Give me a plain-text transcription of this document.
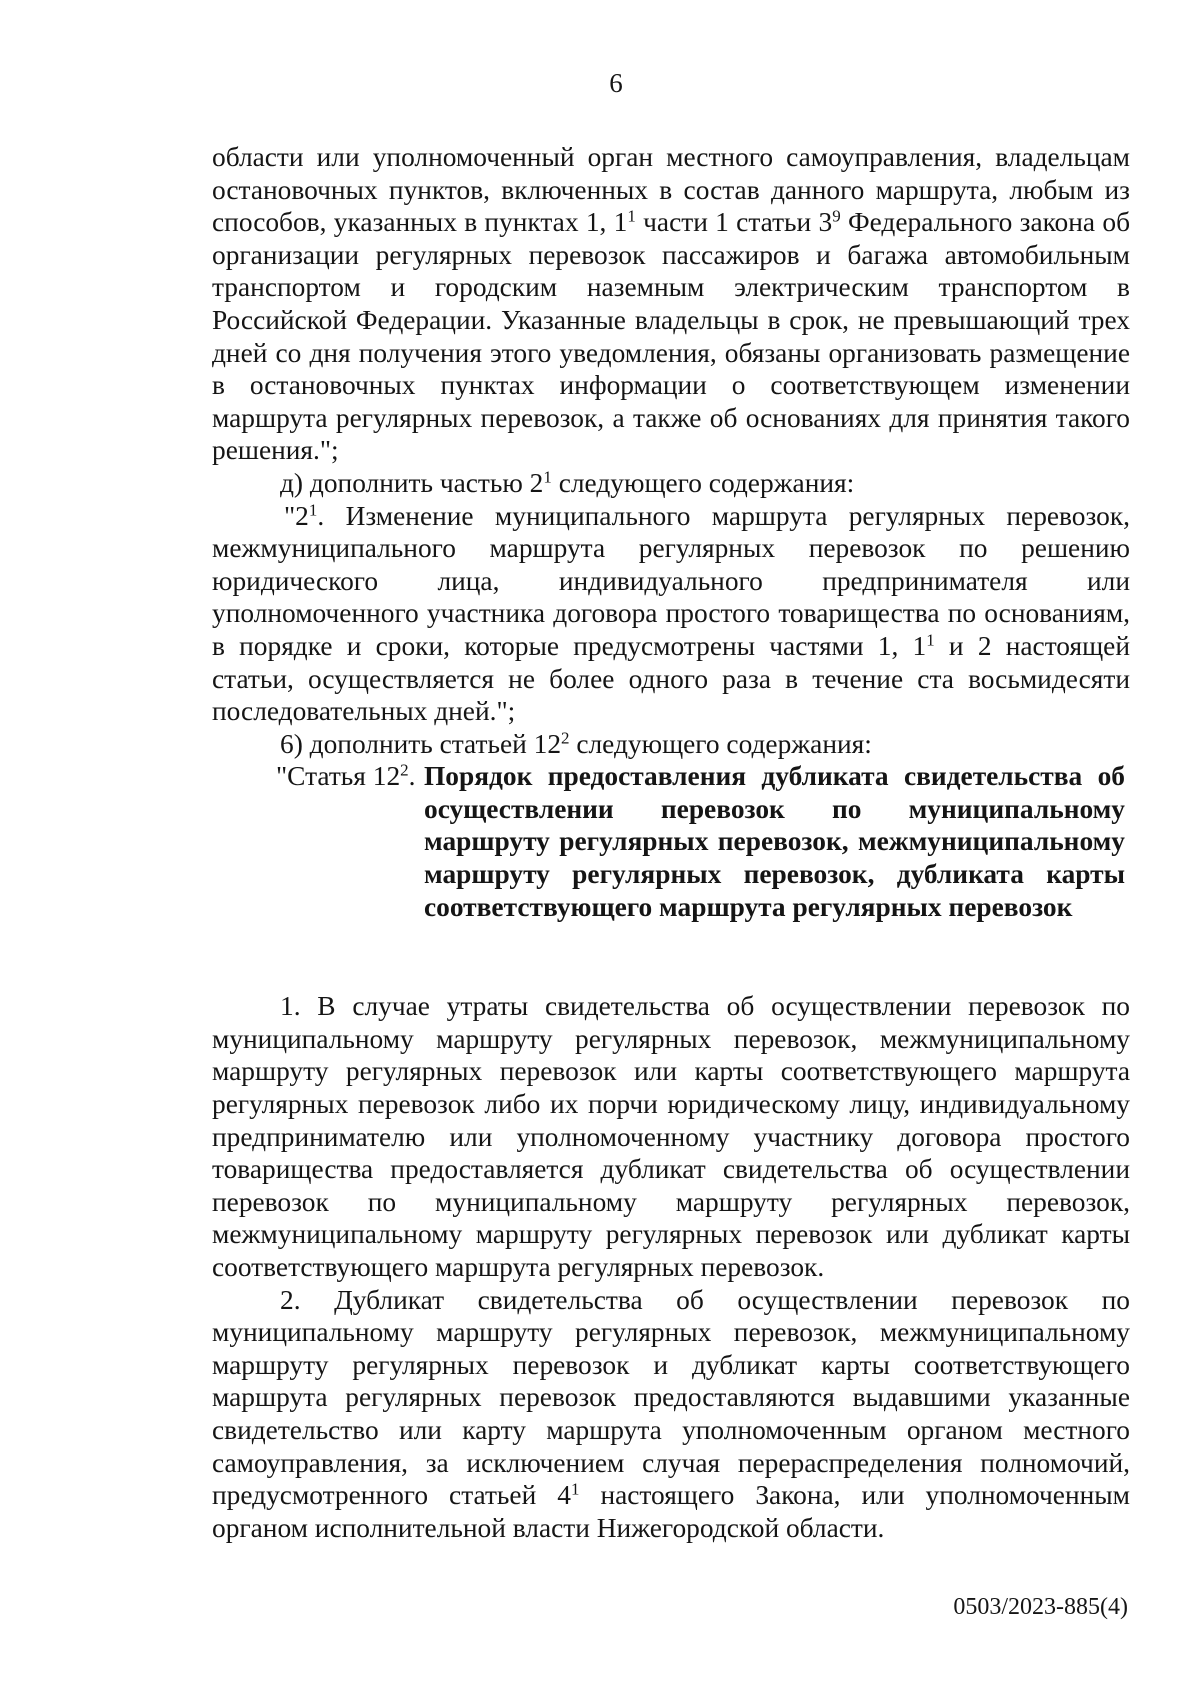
6

области или уполномоченный орган местного самоуправления, владельцам остановочных пунктов, включенных в состав данного маршрута, любым из способов, указанных в пунктах 1, $1^1$ части 1 статьи $3^9$ Федерального закона об организации регулярных перевозок пассажиров и багажа автомобильным транспортом и городским наземным электрическим транспортом в Российской Федерации. Указанные владельцы в срок, не превышающий трех дней со дня получения этого уведомления, обязаны организовать размещение в остановочных пунктах информации о соответствующем изменении маршрута регулярных перевозок, а также об основаниях для принятия такого решения.";

д) дополнить частью $2^1$ следующего содержания:

"$2^1$. Изменение муниципального маршрута регулярных перевозок, межмуниципального маршрута регулярных перевозок по решению юридического лица, индивидуального предпринимателя или уполномоченного участника договора простого товарищества по основаниям, в порядке и сроки, которые предусмотрены частями 1, $1^1$ и 2 настоящей статьи, осуществляется не более одного раза в течение ста восьмидесяти последовательных дней.";

6) дополнить статьей $12^2$ следующего содержания:

"Статья $12^2$. Порядок предоставления дубликата свидетельства об осуществлении перевозок по муниципальному маршруту регулярных перевозок, межмуниципальному маршруту регулярных перевозок, дубликата карты соответствующего маршрута регулярных перевозок

1. В случае утраты свидетельства об осуществлении перевозок по муниципальному маршруту регулярных перевозок, межмуниципальному маршруту регулярных перевозок или карты соответствующего маршрута регулярных перевозок либо их порчи юридическому лицу, индивидуальному предпринимателю или уполномоченному участнику договора простого товарищества предоставляется дубликат свидетельства об осуществлении перевозок по муниципальному маршруту регулярных перевозок, межмуниципальному маршруту регулярных перевозок или дубликат карты соответствующего маршрута регулярных перевозок.

2. Дубликат свидетельства об осуществлении перевозок по муниципальному маршруту регулярных перевозок, межмуниципальному маршруту регулярных перевозок и дубликат карты соответствующего маршрута регулярных перевозок предоставляются выдавшими указанные свидетельство или карту маршрута уполномоченным органом местного самоуправления, за исключением случая перераспределения полномочий, предусмотренного статьей $4^1$ настоящего Закона, или уполномоченным органом исполнительной власти Нижегородской области.

0503/2023-885(4)
